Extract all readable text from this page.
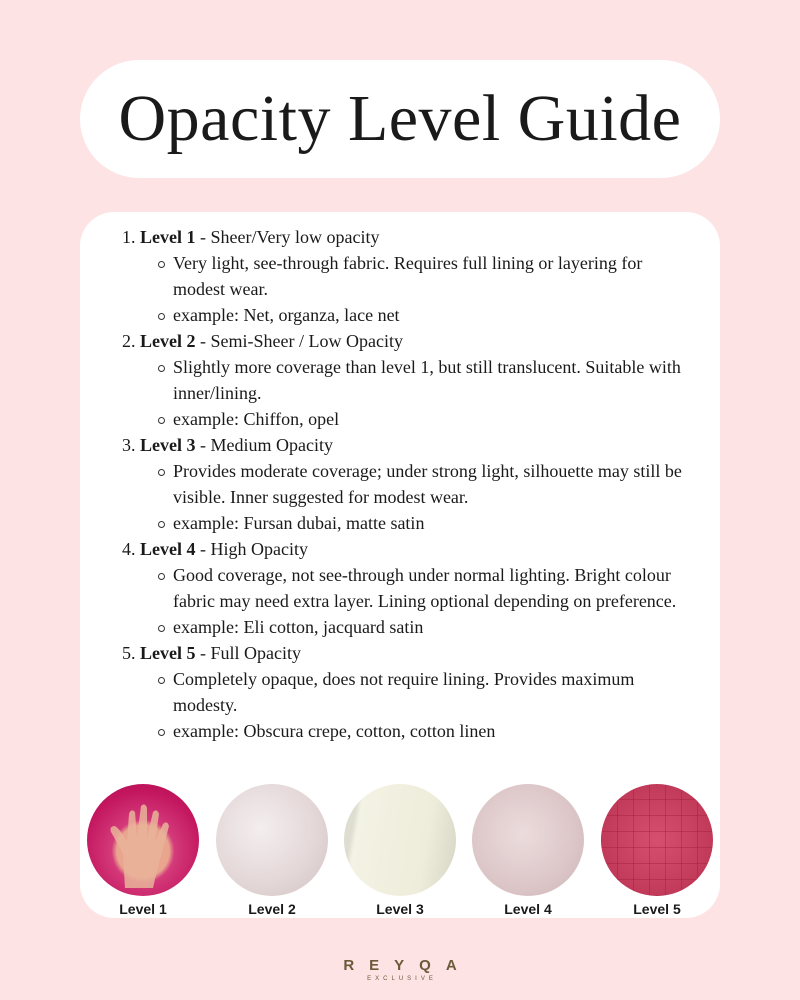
Opacity Level Guide
1. Level 1 - Sheer/Very low opacity
Very light, see-through fabric. Requires full lining or layering for modest wear.
example: Net, organza, lace net
2. Level 2 - Semi-Sheer / Low Opacity
Slightly more coverage than level 1, but still translucent. Suitable with inner/lining.
example: Chiffon, opel
3. Level 3 - Medium Opacity
Provides moderate coverage; under strong light, silhouette may still be visible. Inner suggested for modest wear.
example: Fursan dubai, matte satin
4. Level 4 - High Opacity
Good coverage, not see-through under normal lighting. Bright colour fabric may need extra layer. Lining optional depending on preference.
example: Eli cotton, jacquard satin
5. Level 5 - Full Opacity
Completely opaque, does not require lining. Provides maximum modesty.
example: Obscura crepe, cotton, cotton linen
Level 1	Level 2	Level 3	Level 4	Level 5
REYQA
EXCLUSIVE
